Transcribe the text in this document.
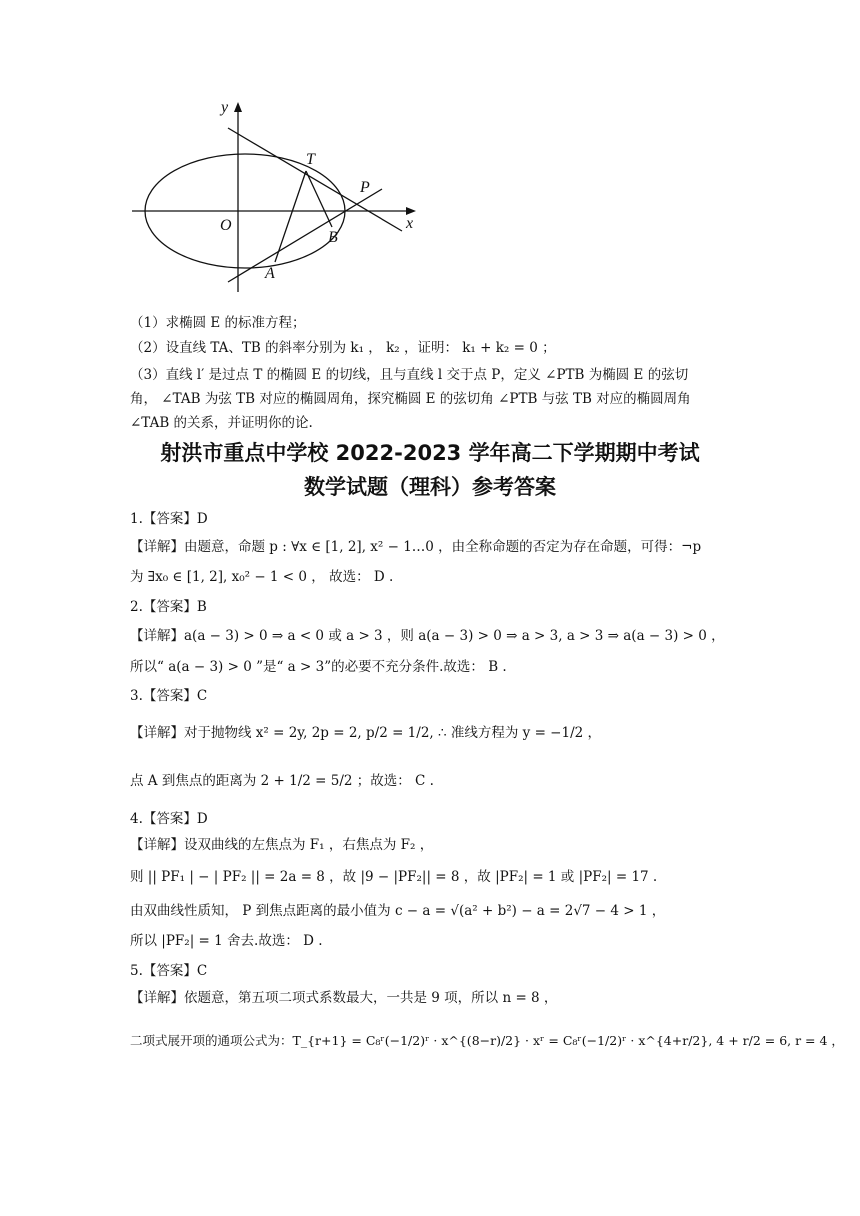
y
x
O
T
P
B
A
（1）求椭圆 E 的标准方程；
（2）设直线 TA、TB 的斜率分别为 k₁ ， k₂ ，证明： k₁ + k₂ = 0 ；
（3）直线 l′ 是过点 T 的椭圆 E 的切线，且与直线 l 交于点 P，定义 ∠PTB 为椭圆 E 的弦切
角， ∠TAB 为弦 TB 对应的椭圆周角，探究椭圆 E 的弦切角 ∠PTB 与弦 TB 对应的椭圆周角
∠TAB 的关系，并证明你的论.
射洪市重点中学校 2022-2023 学年高二下学期期中考试
数学试题（理科）参考答案
1.【答案】D
【详解】由题意，命题 p : ∀x ∈ [1, 2], x² − 1…0 ，由全称命题的否定为存在命题，可得：¬p
为 ∃x₀ ∈ [1, 2], x₀² − 1 < 0 ， 故选： D .
2.【答案】B
【详解】a(a − 3) > 0 ⇒ a < 0 或 a > 3 ，则 a(a − 3) > 0 ⇒ a > 3, a > 3 ⇒ a(a − 3) > 0 ，
所以“ a(a − 3) > 0 ”是“ a > 3”的必要不充分条件.故选： B .
3.【答案】C
【详解】对于抛物线 x² = 2y, 2p = 2, p/2 = 1/2, ∴ 准线方程为 y = −1/2 ，
点 A 到焦点的距离为 2 + 1/2 = 5/2 ；故选： C .
4.【答案】D
【详解】设双曲线的左焦点为 F₁ ，右焦点为 F₂ ，
则 || PF₁ | − | PF₂ || = 2a = 8 ，故 |9 − |PF₂|| = 8 ，故 |PF₂| = 1 或 |PF₂| = 17 .
由双曲线性质知， P 到焦点距离的最小值为 c − a = √(a² + b²) − a = 2√7 − 4 > 1 ，
所以 |PF₂| = 1 舍去.故选： D .
5.【答案】C
【详解】依题意，第五项二项式系数最大，一共是 9 项，所以 n = 8 ，
二项式展开项的通项公式为：T_{r+1} = C₈ʳ(−1/2)ʳ · x^{(8−r)/2} · xʳ = C₈ʳ(−1/2)ʳ · x^{4+r/2}, 4 + r/2 = 6, r = 4 ，
